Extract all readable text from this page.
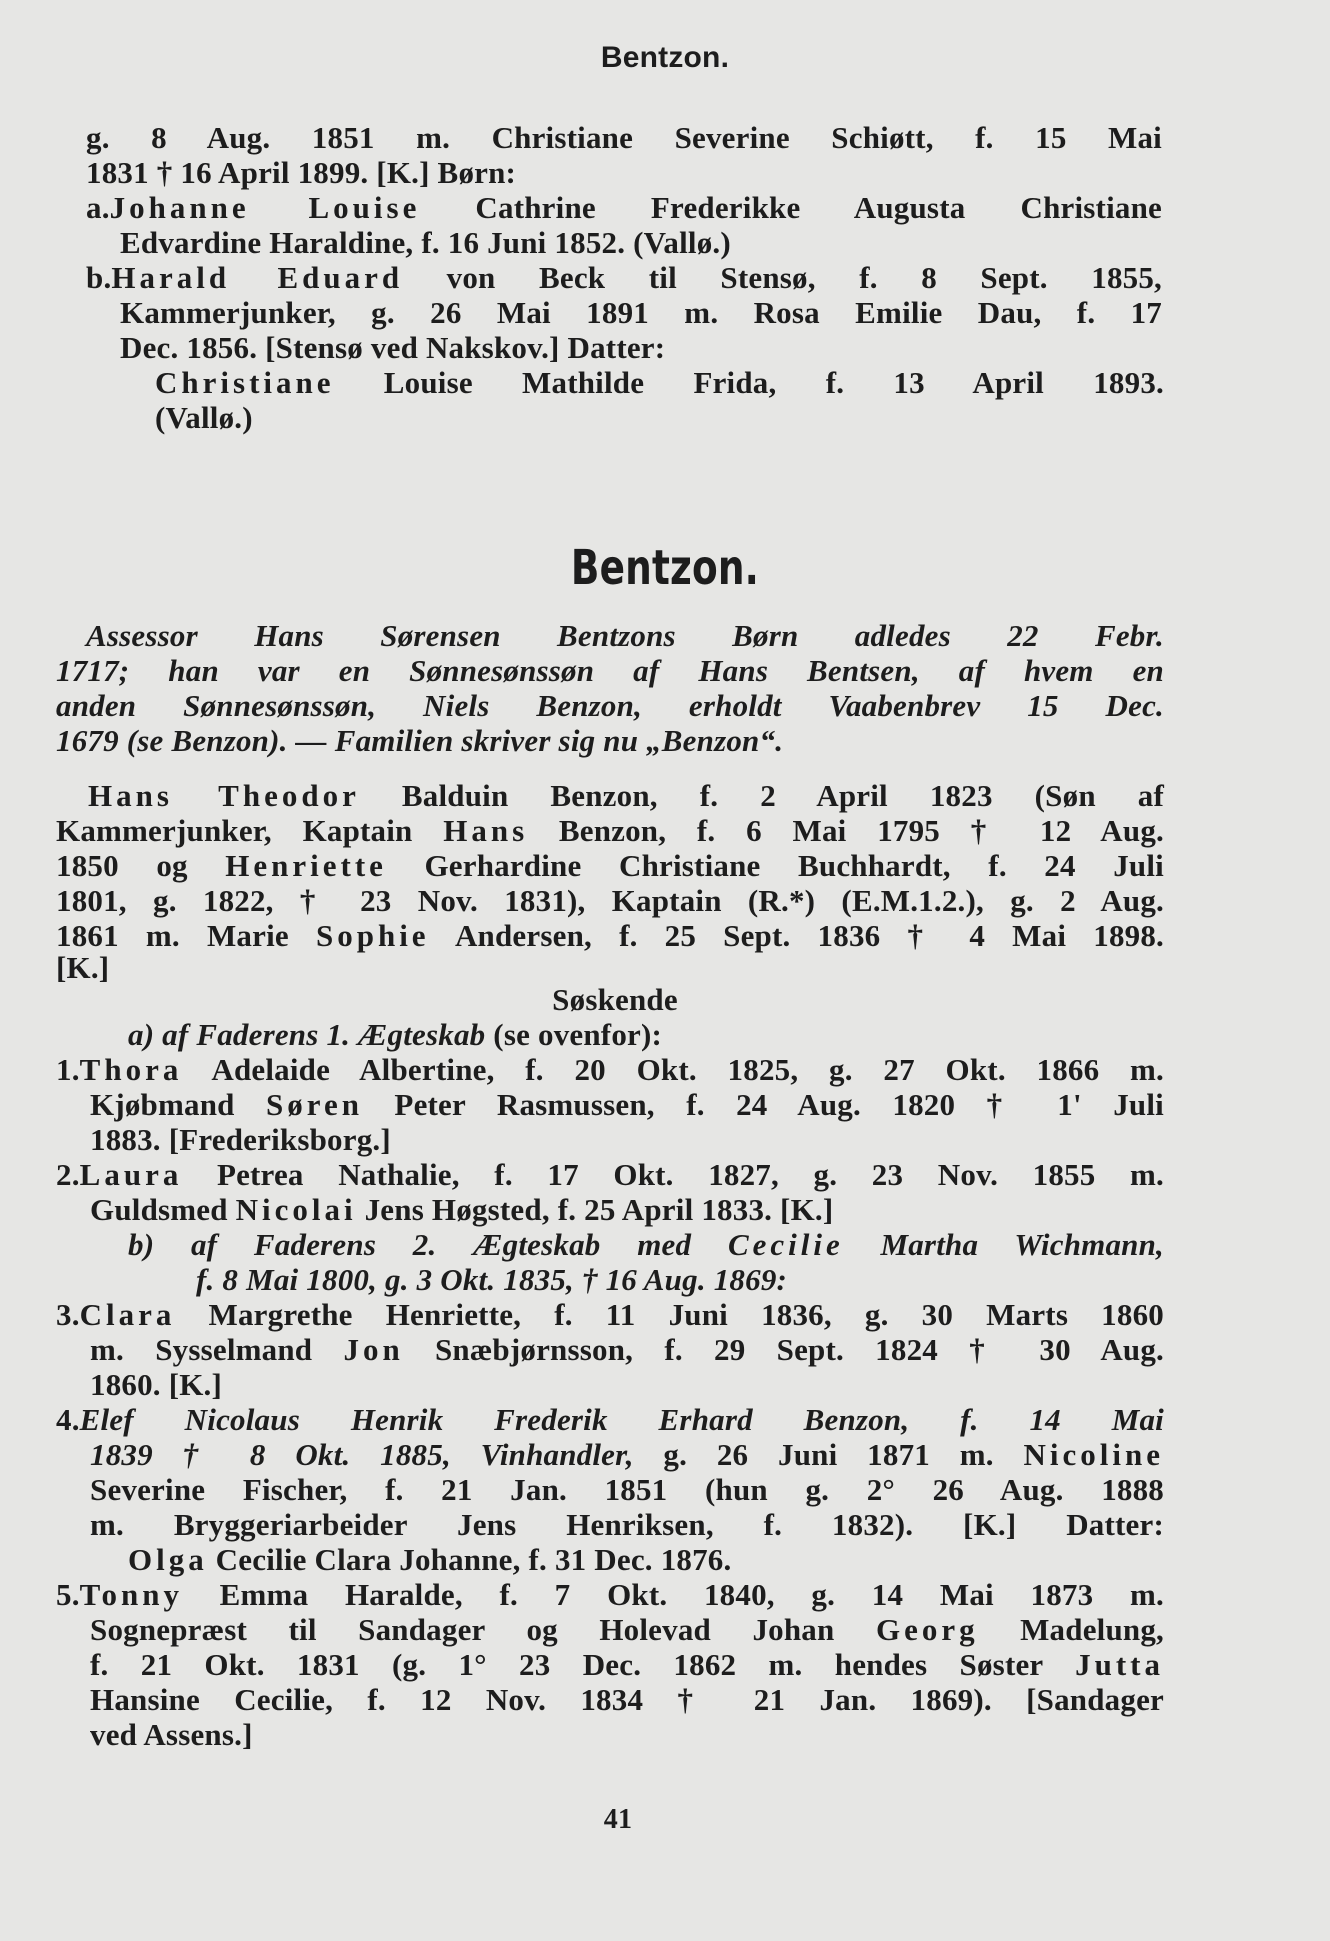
Bentzon.
g. 8 Aug. 1851 m. Christiane Severine Schiøtt, f. 15 Mai
1831 † 16 April 1899. [K.] Børn:
a.Johanne Louise Cathrine Frederikke Augusta Christiane
Edvardine Haraldine, f. 16 Juni 1852. (Vallø.)
b.Harald Eduard von Beck til Stensø, f. 8 Sept. 1855,
Kammerjunker, g. 26 Mai 1891 m. Rosa Emilie Dau, f. 17
Dec. 1856. [Stensø ved Nakskov.] Datter:
Christiane Louise Mathilde Frida, f. 13 April 1893.
(Vallø.)
Bentzon.
Assessor Hans Sørensen Bentzons Børn adledes 22 Febr.
1717; han var en Sønnesønssøn af Hans Bentsen, af hvem en
anden Sønnesønssøn, Niels Benzon, erholdt Vaabenbrev 15 Dec.
1679 (se Benzon). — Familien skriver sig nu „Benzon“.
Hans Theodor Balduin Benzon, f. 2 April 1823 (Søn af
Kammerjunker, Kaptain Hans Benzon, f. 6 Mai 1795 † 12 Aug.
1850 og Henriette Gerhardine Christiane Buchhardt, f. 24 Juli
1801, g. 1822, † 23 Nov. 1831), Kaptain (R.*) (E.M.1.2.), g. 2 Aug.
1861 m. Marie Sophie Andersen, f. 25 Sept. 1836 † 4 Mai 1898.
[K.]
Søskende
a) af Faderens 1. Ægteskab (se ovenfor):
1.Thora Adelaide Albertine, f. 20 Okt. 1825, g. 27 Okt. 1866 m.
Kjøbmand Søren Peter Rasmussen, f. 24 Aug. 1820 † 1' Juli
1883. [Frederiksborg.]
2.Laura Petrea Nathalie, f. 17 Okt. 1827, g. 23 Nov. 1855 m.
Guldsmed Nicolai Jens Høgsted, f. 25 April 1833. [K.]
b) af Faderens 2. Ægteskab med Cecilie Martha Wichmann,
f. 8 Mai 1800, g. 3 Okt. 1835, † 16 Aug. 1869:
3.Clara Margrethe Henriette, f. 11 Juni 1836, g. 30 Marts 1860
m. Sysselmand Jon Snæbjørnsson, f. 29 Sept. 1824 † 30 Aug.
1860. [K.]
4.Elef Nicolaus Henrik Frederik Erhard Benzon, f. 14 Mai
1839 † 8 Okt. 1885, Vinhandler, g. 26 Juni 1871 m. Nicoline
Severine Fischer, f. 21 Jan. 1851 (hun g. 2° 26 Aug. 1888
m. Bryggeriarbeider Jens Henriksen, f. 1832). [K.] Datter:
Olga Cecilie Clara Johanne, f. 31 Dec. 1876.
5.Tonny Emma Haralde, f. 7 Okt. 1840, g. 14 Mai 1873 m.
Sognepræst til Sandager og Holevad Johan Georg Madelung,
f. 21 Okt. 1831 (g. 1° 23 Dec. 1862 m. hendes Søster Jutta
Hansine Cecilie, f. 12 Nov. 1834 † 21 Jan. 1869). [Sandager
ved Assens.]
41
